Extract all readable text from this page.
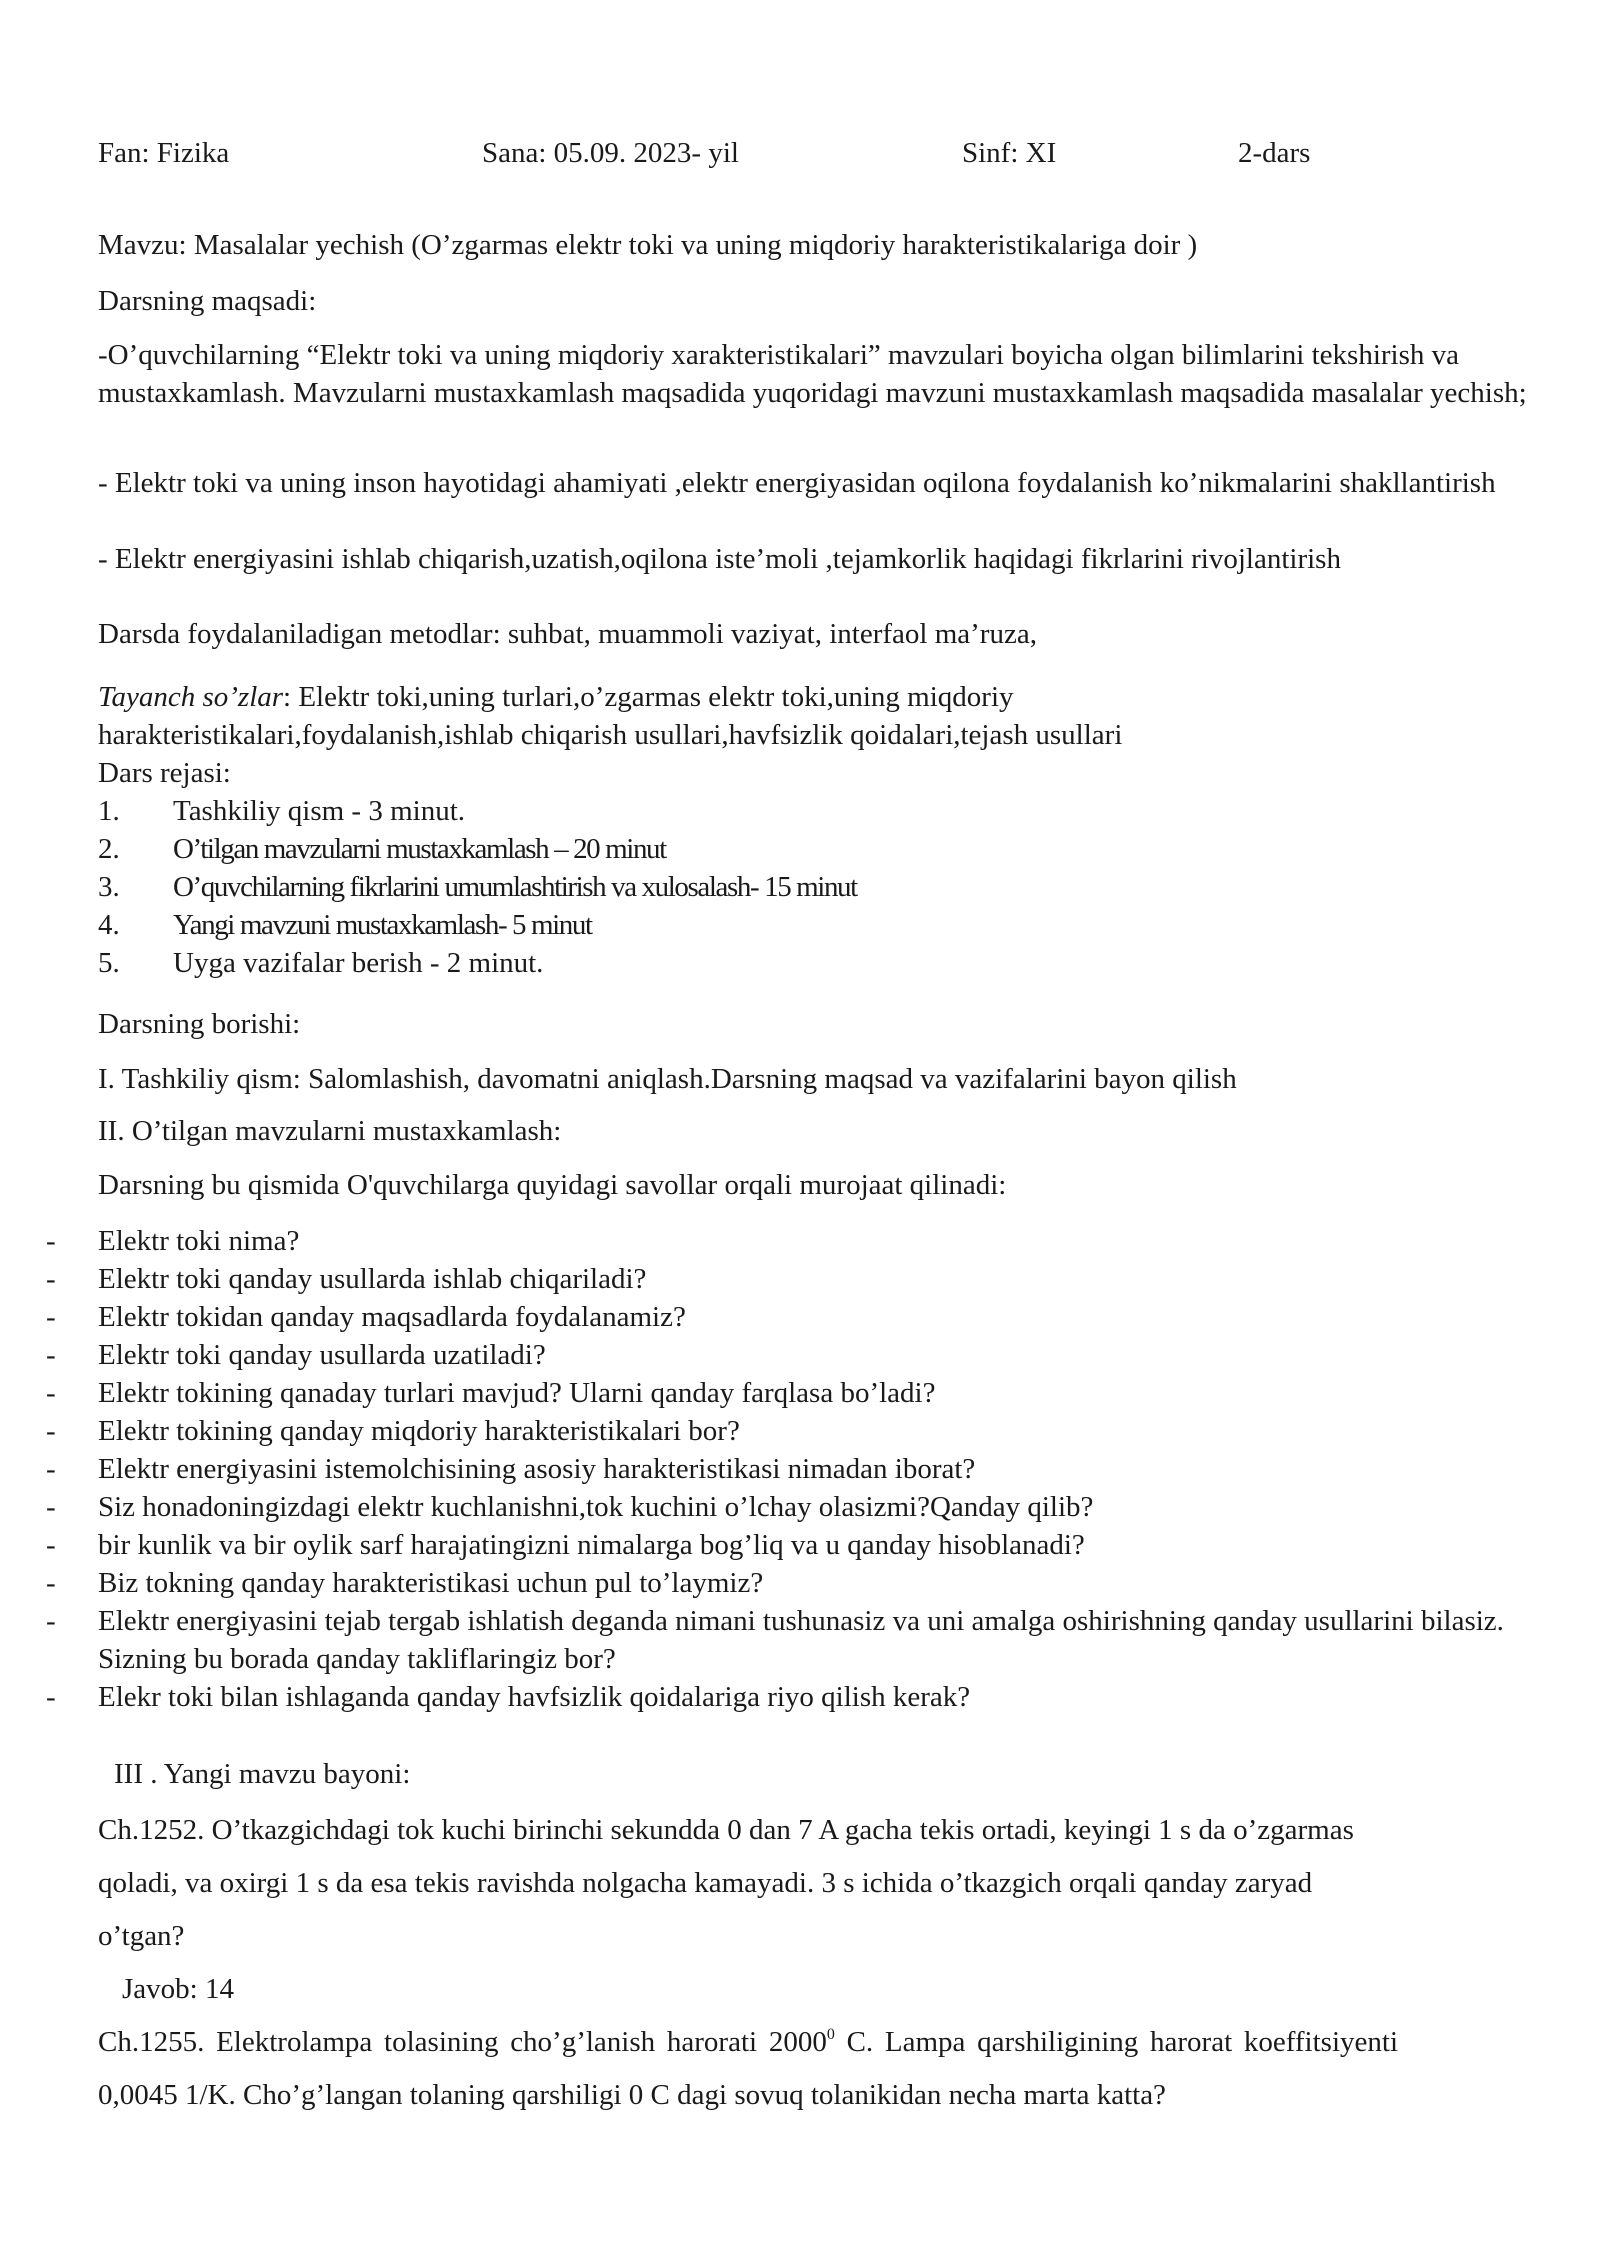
Fan: Fizika	Sana: 05.09. 2023- yil	Sinf: XI	2-dars
Mavzu: Masalalar yechish (O’zgarmas elektr toki va uning miqdoriy harakteristikalariga doir )
Darsning maqsadi:
-O’quvchilarning “Elektr toki va uning miqdoriy xarakteristikalari” mavzulari boyicha olgan bilimlarini tekshirish va mustaxkamlash. Mavzularni mustaxkamlash maqsadida yuqoridagi mavzuni mustaxkamlash maqsadida masalalar yechish;
- Elektr toki va uning inson hayotidagi ahamiyati ,elektr energiyasidan oqilona foydalanish ko’nikmalarini shakllantirish
- Elektr energiyasini ishlab chiqarish,uzatish,oqilona iste’moli ,tejamkorlik haqidagi fikrlarini rivojlantirish
Darsda foydalaniladigan metodlar: suhbat, muammoli vaziyat, interfaol ma’ruza,
Tayanch so’zlar: Elektr toki,uning turlari,o’zgarmas elektr toki,uning miqdoriy harakteristikalari,foydalanish,ishlab chiqarish usullari,havfsizlik qoidalari,tejash usullari
Dars rejasi:
1. Tashkiliy qism - 3 minut.
2. O’tilgan mavzularni mustaxkamlash – 20 minut
3. O’quvchilarning fikrlarini umumlashtirish va xulosalash- 15 minut
4. Yangi mavzuni mustaxkamlash- 5 minut
5. Uyga vazifalar berish - 2 minut.
Darsning borishi:
I. Tashkiliy qism: Salomlashish, davomatni aniqlash.Darsning maqsad va vazifalarini bayon qilish
II. O’tilgan mavzularni mustaxkamlash:
Darsning bu qismida O'quvchilarga quyidagi savollar orqali murojaat qilinadi:
- Elektr toki nima?
- Elektr toki qanday usullarda ishlab chiqariladi?
- Elektr tokidan qanday maqsadlarda foydalanamiz?
- Elektr toki qanday usullarda uzatiladi?
- Elektr tokining qanaday turlari mavjud? Ularni qanday farqlasa bo’ladi?
- Elektr tokining qanday miqdoriy harakteristikalari bor?
- Elektr energiyasini istemolchisining asosiy harakteristikasi nimadan iborat?
- Siz honadoningizdagi elektr kuchlanishni,tok kuchini o’lchay olasizmi?Qanday qilib?
- bir kunlik va bir oylik sarf harajatingizni nimalarga bog’liq va u qanday hisoblanadi?
- Biz tokning qanday harakteristikasi uchun pul to’laymiz?
- Elektr energiyasini tejab tergab ishlatish deganda nimani tushunasiz va uni amalga oshirishning qanday usullarini bilasiz. Sizning bu borada qanday takliflaringiz bor?
- Elekr toki bilan ishlaganda qanday havfsizlik qoidalariga riyo qilish kerak?
III . Yangi mavzu bayoni:
Ch.1252. O’tkazgichdagi tok kuchi birinchi sekundda 0 dan 7 A gacha tekis ortadi, keyingi 1 s da o’zgarmas qoladi, va oxirgi 1 s da esa tekis ravishda nolgacha kamayadi. 3 s ichida o’tkazgich orqali qanday zaryad o’tgan?
Javob: 14
Ch.1255. Elektrolampa tolasining cho’g’lanish harorati 2000$^0$ C. Lampa qarshiligining harorat koeffitsiyenti 0,0045 1/K. Cho’g’langan tolaning qarshiligi 0 C dagi sovuq tolanikidan necha marta katta?
